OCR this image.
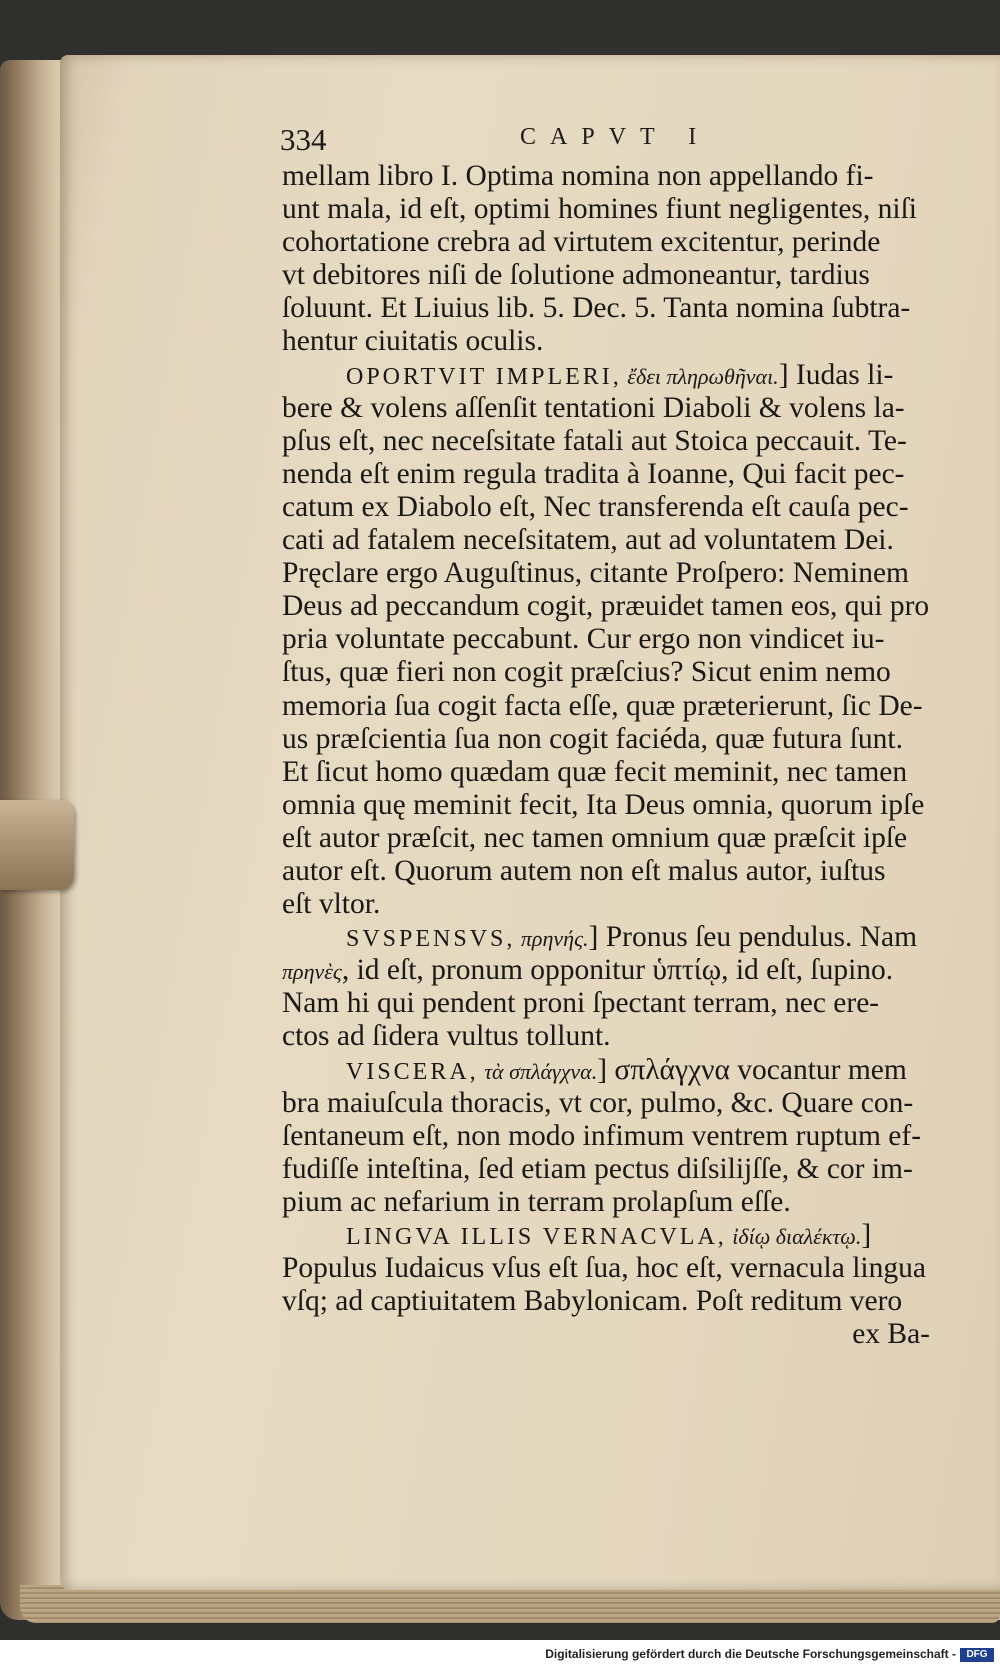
334	CAPVT I
mellam libro I. Optima nomina non appellando fi-
unt mala, id eſt, optimi homines fiunt negligentes, niſi
cohortatione crebra ad virtutem excitentur, perinde
vt debitores niſi de ſolutione admoneantur, tardius
ſoluunt. Et Liuius lib. 5. Dec. 5. Tanta nomina ſubtra-
hentur ciuitatis oculis.
OPORTVIT IMPLERI, ἔδει πληρωθῆναι.] Iudas li-
bere & volens aſſenſit tentationi Diaboli & volens la-
pſus eſt, nec neceſsitate fatali aut Stoica peccauit. Te-
nenda eſt enim regula tradita à Ioanne, Qui facit pec-
catum ex Diabolo eſt, Nec transferenda eſt cauſa pec-
cati ad fatalem neceſsitatem, aut ad voluntatem Dei.
Pręclare ergo Auguſtinus, citante Proſpero: Neminem
Deus ad peccandum cogit, præuidet tamen eos, qui pro
pria voluntate peccabunt. Cur ergo non vindicet iu-
ſtus, quæ fieri non cogit præſcius? Sicut enim nemo
memoria ſua cogit facta eſſe, quæ præterierunt, ſic De-
us præſcientia ſua non cogit faciéda, quæ futura ſunt.
Et ſicut homo quædam quæ fecit meminit, nec tamen
omnia quę meminit fecit, Ita Deus omnia, quorum ipſe
eſt autor præſcit, nec tamen omnium quæ præſcit ipſe
autor eſt. Quorum autem non eſt malus autor, iuſtus
eſt vltor.
SVSPENSVS, πρηνής.] Pronus ſeu pendulus. Nam
πρηνὲς, id eſt, pronum opponitur ὑπτίῳ, id eſt, ſupino.
Nam hi qui pendent proni ſpectant terram, nec ere-
ctos ad ſidera vultus tollunt.
VISCERA, τὰ σπλάγχνα.] σπλάγχνα vocantur mem
bra maiuſcula thoracis, vt cor, pulmo, &c. Quare con-
ſentaneum eſt, non modo infimum ventrem ruptum ef-
fudiſſe inteſtina, ſed etiam pectus diſsilijſſe, & cor im-
pium ac nefarium in terram prolapſum eſſe.
LINGVA ILLIS VERNACVLA, ἰδίῳ διαλέκτῳ.]
Populus Iudaicus vſus eſt ſua, hoc eſt, vernacula lingua
vſq; ad captiuitatem Babylonicam. Poſt reditum vero
ex Ba-
Digitalisierung gefördert durch die Deutsche Forschungsgemeinschaft -	DFG
